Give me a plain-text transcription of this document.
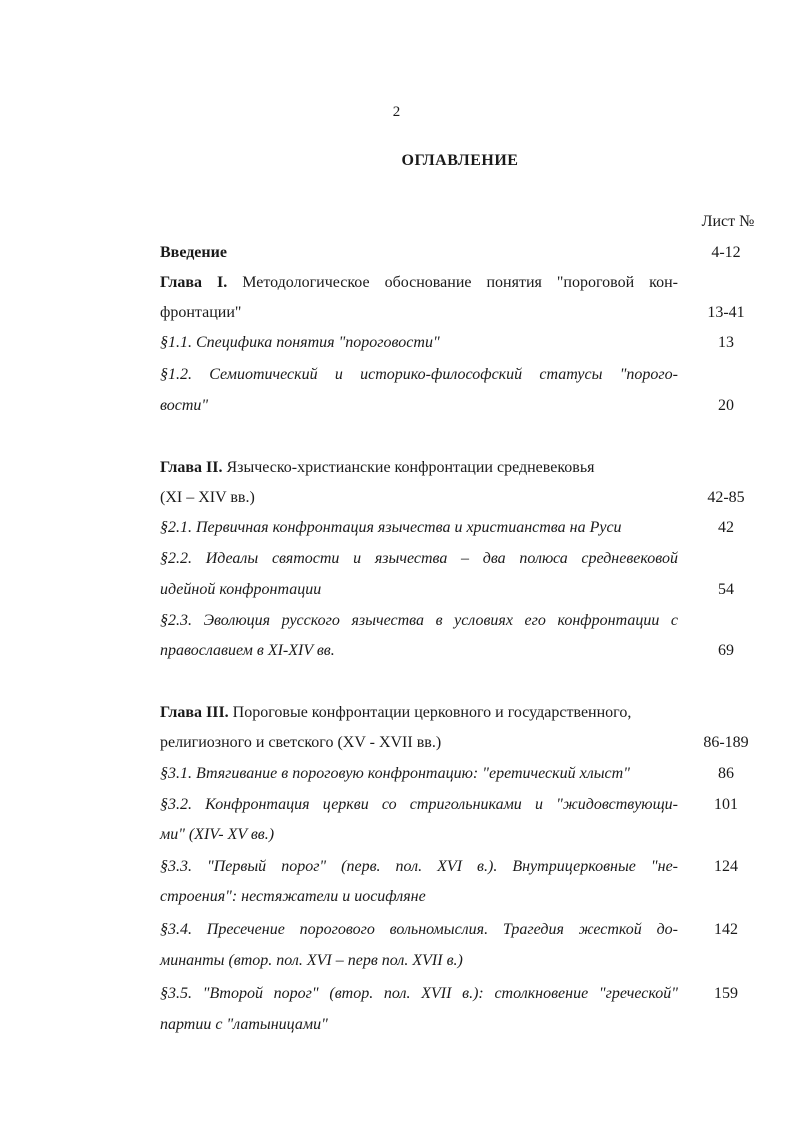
2
ОГЛАВЛЕНИЕ
Лист №
Введение	4-12
Глава I. Методологическое обоснование понятия "пороговой кон-
фронтации"	13-41
§1.1. Специфика понятия "пороговости"	13
§1.2. Семиотический и историко-философский статусы "порого-
вости"	20
Глава II. Языческо-христианские конфронтации средневековья
(XI – XIV вв.)	42-85
§2.1. Первичная конфронтация язычества и христианства на Руси	42
§2.2. Идеалы святости и язычества – два полюса средневековой
идейной конфронтации	54
§2.3. Эволюция русского язычества в условиях его конфронтации с
православием в XI-XIV вв.	69
Глава III. Пороговые конфронтации церковного и государственного,
религиозного и светского (XV - XVII вв.)	86-189
§3.1. Втягивание в пороговую конфронтацию: "еретический хлыст"	86
§3.2. Конфронтация церкви со стригольниками и "жидовствующи-	101
ми" (XIV- XV вв.)
§3.3. "Первый порог" (перв. пол. XVI в.). Внутрицерковные "не-	124
строения": нестяжатели и иосифляне
§3.4. Пресечение порогового вольномыслия. Трагедия жесткой до-	142
минанты (втор. пол. XVI – перв пол. XVII в.)
§3.5. "Второй порог" (втор. пол. XVII в.): столкновение "греческой"	159
партии с "латыницами"
